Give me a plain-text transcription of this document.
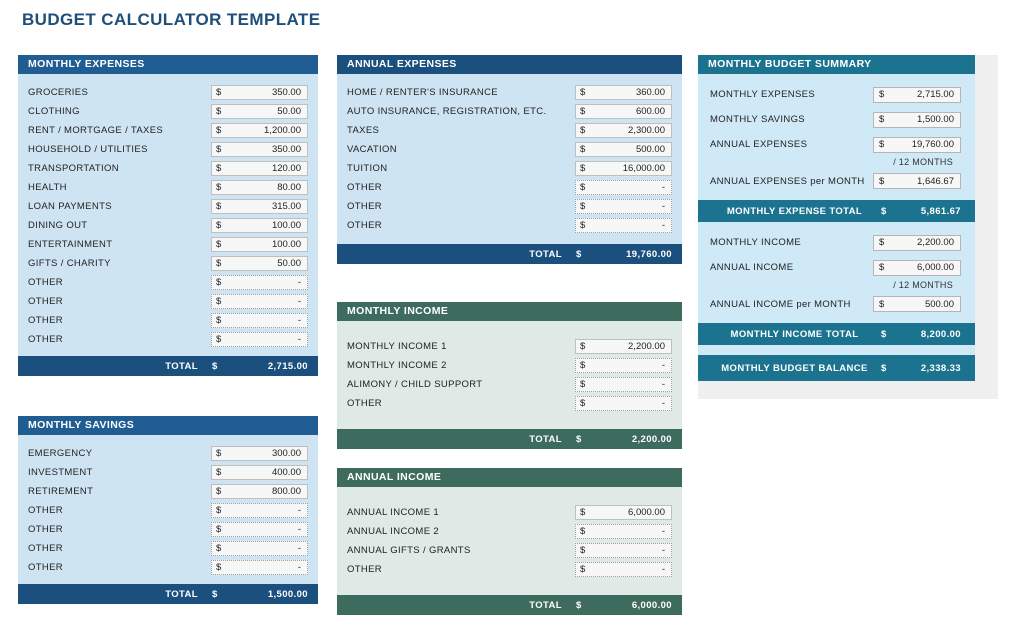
BUDGET CALCULATOR TEMPLATE
MONTHLY EXPENSES
GROCERIES	$	350.00
CLOTHING	$	50.00
RENT / MORTGAGE / TAXES	$	1,200.00
HOUSEHOLD / UTILITIES	$	350.00
TRANSPORTATION	$	120.00
HEALTH	$	80.00
LOAN PAYMENTS	$	315.00
DINING OUT	$	100.00
ENTERTAINMENT	$	100.00
GIFTS / CHARITY	$	50.00
OTHER	$	-
OTHER	$	-
OTHER	$	-
OTHER	$	-
TOTAL	$	2,715.00
MONTHLY SAVINGS
EMERGENCY	$	300.00
INVESTMENT	$	400.00
RETIREMENT	$	800.00
OTHER	$	-
OTHER	$	-
OTHER	$	-
OTHER	$	-
TOTAL	$	1,500.00
ANNUAL EXPENSES
HOME / RENTER'S INSURANCE	$	360.00
AUTO INSURANCE, REGISTRATION, ETC.	$	600.00
TAXES	$	2,300.00
VACATION	$	500.00
TUITION	$	16,000.00
OTHER	$	-
OTHER	$	-
OTHER	$	-
TOTAL	$	19,760.00
MONTHLY INCOME
MONTHLY INCOME 1	$	2,200.00
MONTHLY INCOME 2	$	-
ALIMONY / CHILD SUPPORT	$	-
OTHER	$	-
TOTAL	$	2,200.00
ANNUAL INCOME
ANNUAL INCOME 1	$	6,000.00
ANNUAL INCOME 2	$	-
ANNUAL GIFTS / GRANTS	$	-
OTHER	$	-
TOTAL	$	6,000.00
MONTHLY BUDGET SUMMARY
MONTHLY EXPENSES	$	2,715.00
MONTHLY SAVINGS	$	1,500.00
ANNUAL EXPENSES	$	19,760.00
/ 12 MONTHS
ANNUAL EXPENSES per MONTH	$	1,646.67
MONTHLY EXPENSE TOTAL	$	5,861.67
MONTHLY INCOME	$	2,200.00
ANNUAL INCOME	$	6,000.00
/ 12 MONTHS
ANNUAL INCOME per MONTH	$	500.00
MONTHLY INCOME TOTAL	$	8,200.00
MONTHLY BUDGET BALANCE	$	2,338.33
